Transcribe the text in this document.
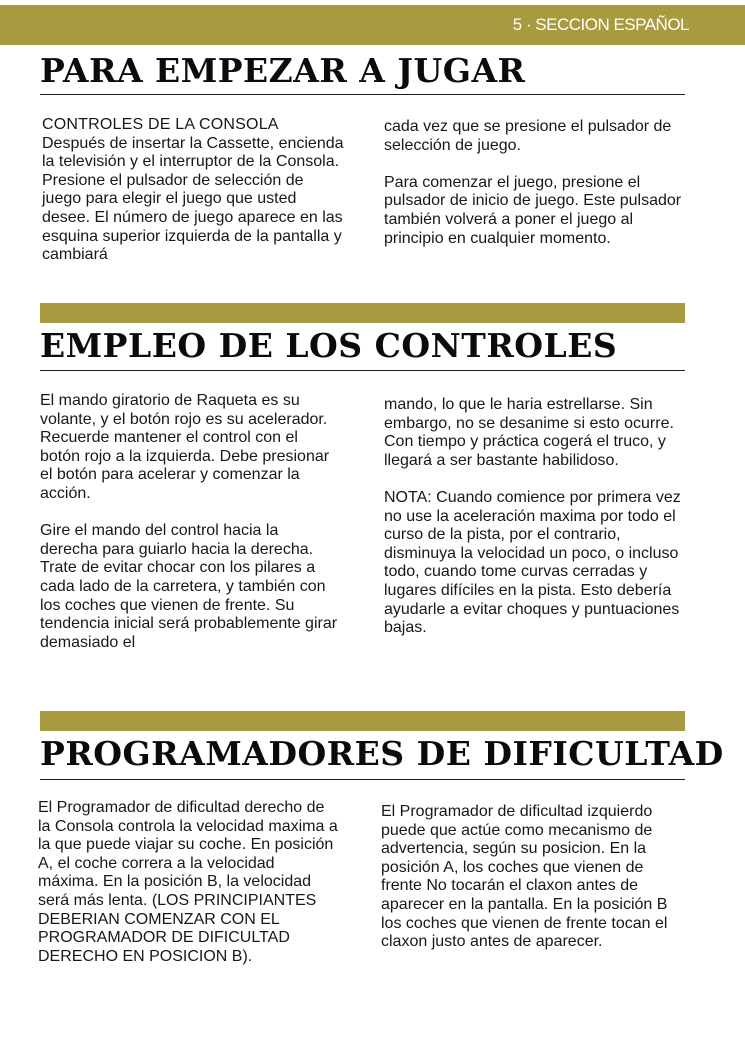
5 · SECCION ESPAÑOL
PARA EMPEZAR A JUGAR

CONTROLES DE LA CONSOLA

Después de insertar la Cassette, encienda la televisión y el interruptor de la Consola. Presione el pulsador de selección de juego para elegir el juego que usted desee. El número de juego aparece en las esquina superior izquierda de la pantalla y cambiará

cada vez que se presione el pulsador de selección de juego.

Para comenzar el juego, presione el pulsador de inicio de juego. Este pulsador también volverá a poner el juego al principio en cualquier momento.

EMPLEO DE LOS CONTROLES

El mando giratorio de Raqueta es su volante, y el botón rojo es su acelerador. Recuerde mantener el control con el botón rojo a la izquierda. Debe presionar el botón para acelerar y comenzar la acción.

Gire el mando del control hacia la derecha para guiarlo hacia la derecha. Trate de evitar chocar con los pilares a cada lado de la carretera, y también con los coches que vienen de frente. Su tendencia inicial será probablemente girar demasiado el

mando, lo que le haria estrellarse. Sin embargo, no se desanime si esto ocurre. Con tiempo y práctica cogerá el truco, y llegará a ser bastante habilidoso.

NOTA: Cuando comience por primera vez no use la aceleración maxima por todo el curso de la pista, por el contrario, disminuya la velocidad un poco, o incluso todo, cuando tome curvas cerradas y lugares difíciles en la pista. Esto debería ayudarle a evitar choques y puntuaciones bajas.

PROGRAMADORES DE DIFICULTAD

El Programador de dificultad derecho de la Consola controla la velocidad maxima a la que puede viajar su coche. En posición A, el coche correra a la velocidad máxima. En la posición B, la velocidad será más lenta. (LOS PRINCIPIANTES DEBERIAN COMENZAR CON EL PROGRAMADOR DE DIFICULTAD DERECHO EN POSICION B).

El Programador de dificultad izquierdo puede que actúe como mecanismo de advertencia, según su posicion. En la posición A, los coches que vienen de frente No tocarán el claxon antes de aparecer en la pantalla. En la posición B los coches que vienen de frente tocan el claxon justo antes de aparecer.
